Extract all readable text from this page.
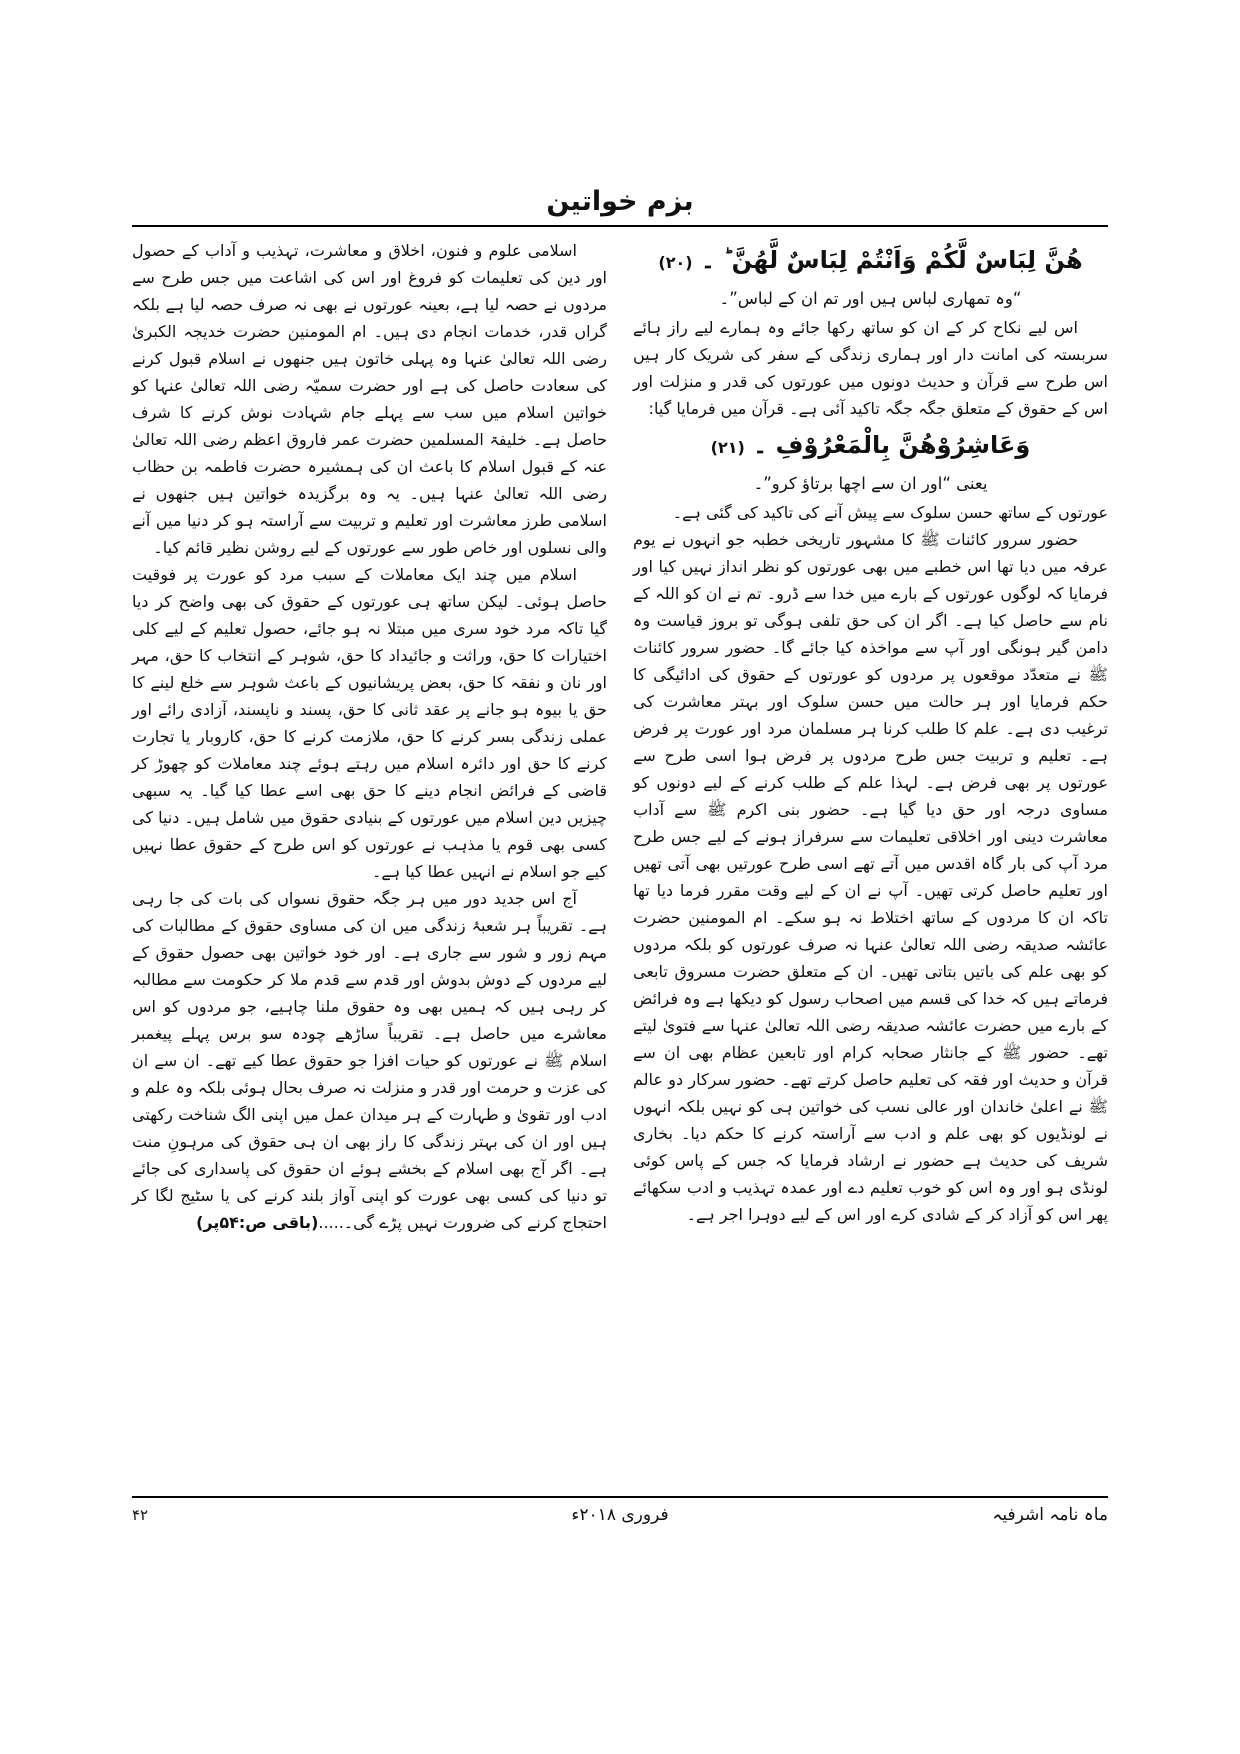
بزم خواتین

هُنَّ لِبَاسٌ لَّكُمْ وَاَنْتُمْ لِبَاسٌ لَّهُنَّ ؕ ۔ (۲۰)

“وہ تمھاری لباس ہیں اور تم ان کے لباس”۔

اس لیے نکاح کر کے ان کو ساتھ رکھا جائے وہ ہمارے لیے راز ہائے سربستہ کی امانت دار اور ہماری زندگی کے سفر کی شریک کار ہیں اس طرح سے قرآن و حدیث دونوں میں عورتوں کی قدر و منزلت اور اس کے حقوق کے متعلق جگہ جگہ تاکید آئی ہے۔ قرآن میں فرمایا گیا:

وَعَاشِرُوْهُنَّ بِالْمَعْرُوْفِ ۔ (۲۱)

یعنی “اور ان سے اچھا برتاؤ کرو”۔

عورتوں کے ساتھ حسن سلوک سے پیش آنے کی تاکید کی گئی ہے۔

حضور سرور کائنات ﷺ کا مشہور تاریخی خطبہ جو انہوں نے یوم عرفہ میں دیا تھا اس خطبے میں بھی عورتوں کو نظر انداز نہیں کیا اور فرمایا کہ لوگوں عورتوں کے بارے میں خدا سے ڈرو۔ تم نے ان کو اللہ کے نام سے حاصل کیا ہے۔ اگر ان کی حق تلفی ہوگی تو بروز قیاست وہ دامن گیر ہونگی اور آپ سے مواخذہ کیا جائے گا۔ حضور سرور کائنات ﷺ نے متعدّد موقعوں پر مردوں کو عورتوں کے حقوق کی ادائیگی کا حکم فرمایا اور ہر حالت میں حسن سلوک اور بہتر معاشرت کی ترغیب دی ہے۔ علم کا طلب کرنا ہر مسلمان مرد اور عورت پر فرض ہے۔ تعلیم و تربیت جس طرح مردوں پر فرض ہوا اسی طرح سے عورتوں پر بھی فرض ہے۔ لہذا علم کے طلب کرنے کے لیے دونوں کو مساوی درجہ اور حق دیا گیا ہے۔ حضور بنی اکرم ﷺ سے آداب معاشرت دینی اور اخلاقی تعلیمات سے سرفراز ہونے کے لیے جس طرح مرد آپ کی بار گاہ اقدس میں آتے تھے اسی طرح عورتیں بھی آتی تھیں اور تعلیم حاصل کرتی تھیں۔ آپ نے ان کے لیے وقت مقرر فرما دیا تھا تاکہ ان کا مردوں کے ساتھ اختلاط نہ ہو سکے۔ ام المومنین حضرت عائشہ صدیقہ رضی اللہ تعالیٰ عنہا نہ صرف عورتوں کو بلکہ مردوں کو بھی علم کی باتیں بتاتی تھیں۔ ان کے متعلق حضرت مسروق تابعی فرماتے ہیں کہ خدا کی قسم میں اصحاب رسول کو دیکھا ہے وہ فرائض کے بارے میں حضرت عائشہ صدیقہ رضی اللہ تعالیٰ عنہا سے فتویٰ لیتے تھے۔ حضور ﷺ کے جانثار صحابہ کرام اور تابعین عظام بھی ان سے قرآن و حدیث اور فقہ کی تعلیم حاصل کرتے تھے۔ حضور سرکار دو عالم ﷺ نے اعلیٰ خاندان اور عالی نسب کی خواتین ہی کو نہیں بلکہ انہوں نے لونڈیوں کو بھی علم و ادب سے آراستہ کرنے کا حکم دیا۔ بخاری شریف کی حدیث ہے حضور نے ارشاد فرمایا کہ جس کے پاس کوئی لونڈی ہو اور وہ اس کو خوب تعلیم دے اور عمدہ تہذیب و ادب سکھائے پھر اس کو آزاد کر کے شادی کرے اور اس کے لیے دوہرا اجر ہے۔

اسلامی علوم و فنون، اخلاق و معاشرت، تہذیب و آداب کے حصول اور دین کی تعلیمات کو فروغ اور اس کی اشاعت میں جس طرح سے مردوں نے حصہ لیا ہے، بعینہ عورتوں نے بھی نہ صرف حصہ لیا ہے بلکہ گراں قدر، خدمات انجام دی ہیں۔ ام المومنین حضرت خدیجہ الکبریٰ رضی اللہ تعالیٰ عنہا وہ پہلی خاتون ہیں جنھوں نے اسلام قبول کرنے کی سعادت حاصل کی ہے اور حضرت سمیّہ رضی اللہ تعالیٰ عنہا کو خواتین اسلام میں سب سے پہلے جام شہادت نوش کرنے کا شرف حاصل ہے۔ خلیفۃ المسلمین حضرت عمر فاروق اعظم رضی اللہ تعالیٰ عنہ کے قبول اسلام کا باعث ان کی ہمشیرہ حضرت فاطمہ بن حظاب رضی اللہ تعالیٰ عنہا ہیں۔ یہ وہ برگزیدہ خواتین ہیں جنھوں نے اسلامی طرز معاشرت اور تعلیم و تربیت سے آراستہ ہو کر دنیا میں آنے والی نسلوں اور خاص طور سے عورتوں کے لیے روشن نظیر قائم کیا۔

اسلام میں چند ایک معاملات کے سبب مرد کو عورت پر فوقیت حاصل ہوئی۔ لیکن ساتھ ہی عورتوں کے حقوق کی بھی واضح کر دیا گیا تاکہ مرد خود سری میں مبتلا نہ ہو جائے، حصول تعلیم کے لیے کلی اختیارات کا حق، وراثت و جائیداد کا حق، شوہر کے انتخاب کا حق، مہر اور نان و نفقہ کا حق، بعض پریشانیوں کے باعث شوہر سے خلع لینے کا حق یا بیوہ ہو جانے پر عقد ثانی کا حق، پسند و ناپسند، آزادی رائے اور عملی زندگی بسر کرنے کا حق، ملازمت کرنے کا حق، کاروبار یا تجارت کرنے کا حق اور دائرہ اسلام میں رہتے ہوئے چند معاملات کو چھوڑ کر قاضی کے فرائض انجام دینے کا حق بھی اسے عطا کیا گیا۔ یہ سبھی چیزیں دین اسلام میں عورتوں کے بنیادی حقوق میں شامل ہیں۔ دنیا کی کسی بھی قوم یا مذہب نے عورتوں کو اس طرح کے حقوق عطا نہیں کیے جو اسلام نے انہیں عطا کیا ہے۔

آج اس جدید دور میں ہر جگہ حقوق نسواں کی بات کی جا رہی ہے۔ تقریباً ہر شعبۂ زندگی میں ان کی مساوی حقوق کے مطالبات کی مہم زور و شور سے جاری ہے۔ اور خود خواتین بھی حصول حقوق کے لیے مردوں کے دوش بدوش اور قدم سے قدم ملا کر حکومت سے مطالبہ کر رہی ہیں کہ ہمیں بھی وہ حقوق ملنا چاہیے، جو مردوں کو اس معاشرے میں حاصل ہے۔ تقریباً ساڑھے چودہ سو برس پہلے پیغمبر اسلام ﷺ نے عورتوں کو حیات افزا جو حقوق عطا کیے تھے۔ ان سے ان کی عزت و حرمت اور قدر و منزلت نہ صرف بحال ہوئی بلکہ وہ علم و ادب اور تقویٰ و طہارت کے ہر میدان عمل میں اپنی الگ شناخت رکھتی ہیں اور ان کی بہتر زندگی کا راز بھی ان ہی حقوق کی مرہونِ منت ہے۔ اگر آج بھی اسلام کے بخشے ہوئے ان حقوق کی پاسداری کی جائے تو دنیا کی کسی بھی عورت کو اپنی آواز بلند کرنے کی یا سٹیج لگا کر احتجاج کرنے کی ضرورت نہیں پڑے گی۔.....(باقی ص:۵۴پر)

ماہ نامہ اشرفیہ
فروری ۲۰۱۸ء
۴۲
